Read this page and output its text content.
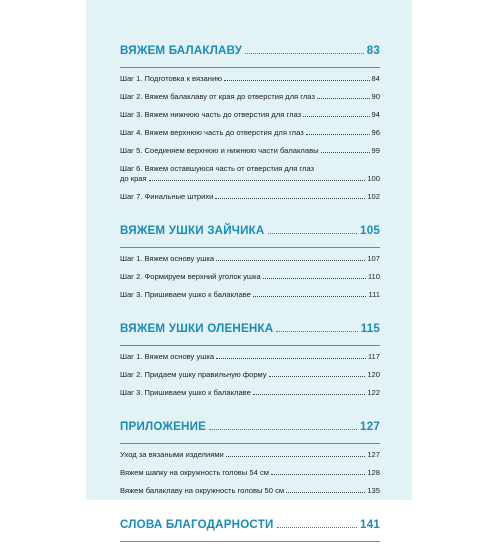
ВЯЖЕМ БАЛАКЛАВУ	83
Шаг 1. Подготовка к вязанию	84
Шаг 2. Вяжем балаклаву от края до отверстия для глаз	90
Шаг 3. Вяжем нижнюю часть до отверстия для глаз	94
Шаг 4. Вяжем верхнюю часть до отверстия для глаз	96
Шаг 5. Соединяем верхнюю и нижнюю части балаклавы	99
Шаг 6. Вяжем оставшуюся часть от отверстия для глаз
до края	100
Шаг 7. Финальные штрихи	102
ВЯЖЕМ УШКИ ЗАЙЧИКА	105
Шаг 1. Вяжем основу ушка	107
Шаг 2. Формируем верхний уголок ушка	110
Шаг 3. Пришиваем ушко к балаклаве	111
ВЯЖЕМ УШКИ ОЛЕНЕНКА	115
Шаг 1. Вяжем основу ушка	117
Шаг 2. Придаем ушку правильную форму	120
Шаг 3. Пришиваем ушко к балаклаве	122
ПРИЛОЖЕНИЕ	127
Уход за вязаными изделиями	127
Вяжем шапку на окружность головы 54 см	128
Вяжем балаклаву на окружность головы 50 см	135
СЛОВА БЛАГОДАРНОСТИ	141
